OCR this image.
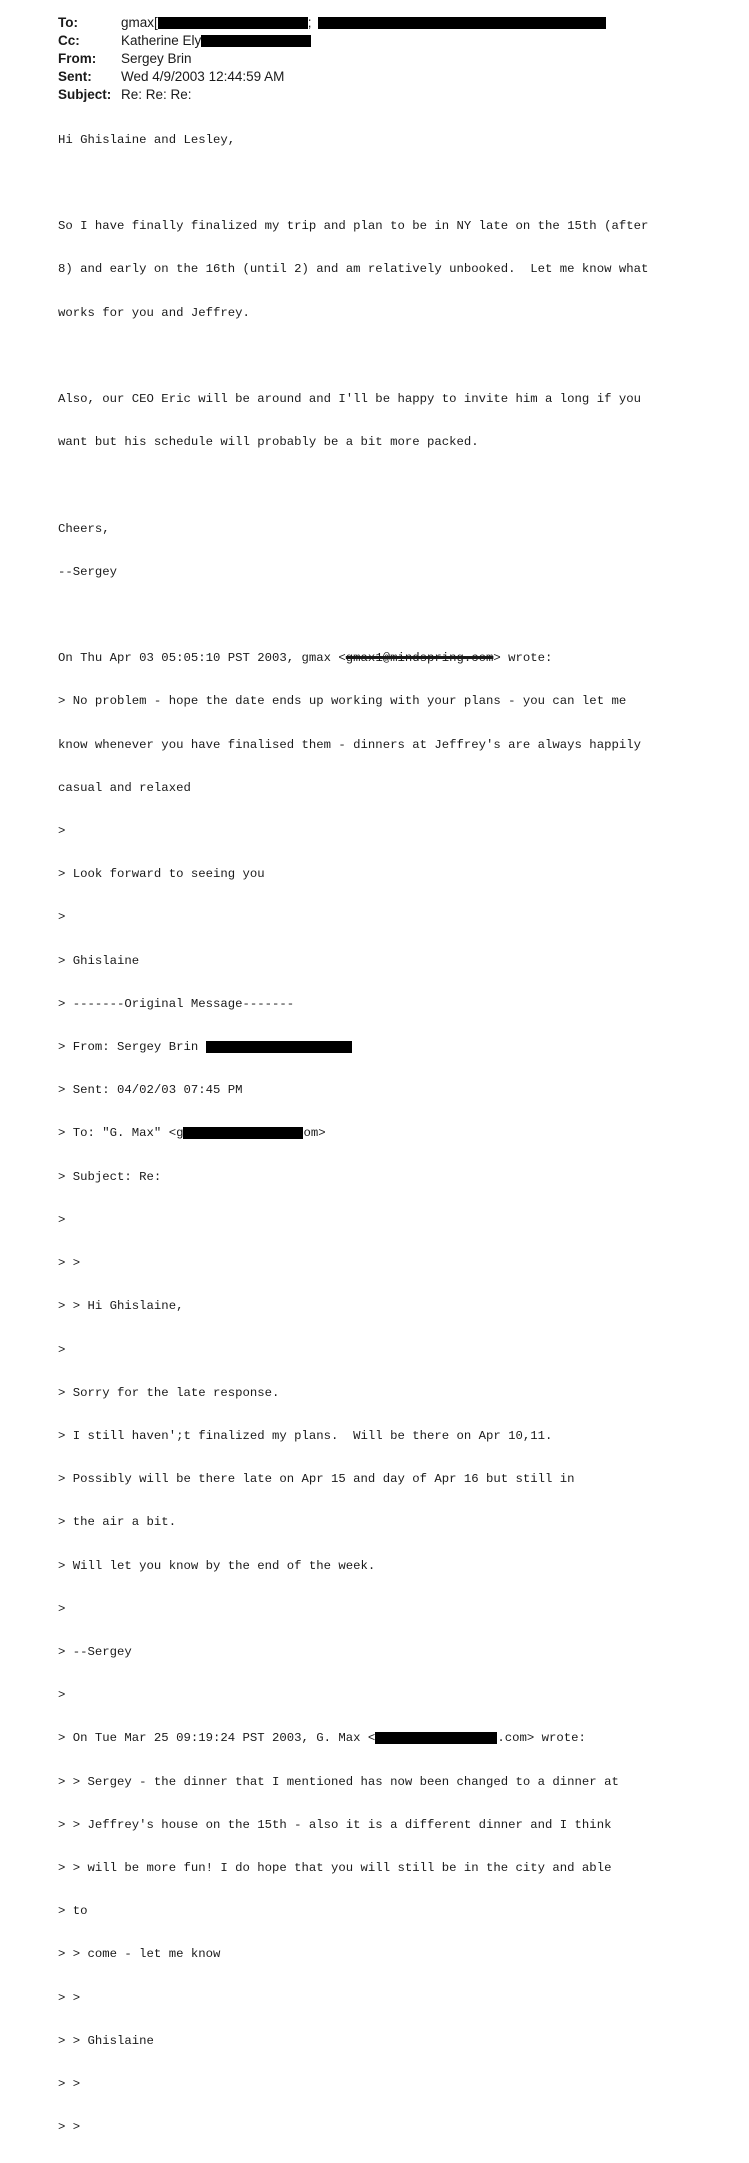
To:	gmax[	;
Cc:	Katherine Ely
From: Sergey Brin
Sent: Wed 4/9/2003 12:44:59 AM
Subject: Re: Re: Re:

Hi Ghislaine and Lesley,

So I have finally finalized my trip and plan to be in NY late on the 15th (after

8) and early on the 16th (until 2) and am relatively unbooked.  Let me know what

works for you and Jeffrey.

Also, our CEO Eric will be around and I'll be happy to invite him a long if you

want but his schedule will probably be a bit more packed.

Cheers,

--Sergey

On Thu Apr 03 05:05:10 PST 2003, gmax <gmax1@mindspring.com> wrote:

> No problem - hope the date ends up working with your plans - you can let me

know whenever you have finalised them - dinners at Jeffrey's are always happily

casual and relaxed

>

> Look forward to seeing you

>

> Ghislaine

> -------Original Message-------

> From: Sergey Brin

> Sent: 04/02/03 07:45 PM

> To: "G. Max" <g	om>

> Subject: Re:

>

> >

> > Hi Ghislaine,

>

> Sorry for the late response.

> I still haven';t finalized my plans.  Will be there on Apr 10,11.

> Possibly will be there late on Apr 15 and day of Apr 16 but still in

> the air a bit.

> Will let you know by the end of the week.

>

> --Sergey

>

> On Tue Mar 25 09:19:24 PST 2003, G. Max <	.com> wrote:

> > Sergey - the dinner that I mentioned has now been changed to a dinner at

> > Jeffrey's house on the 15th - also it is a different dinner and I think

> > will be more fun! I do hope that you will still be in the city and able

> to

> > come - let me know

> >

> > Ghislaine

> >

> >
